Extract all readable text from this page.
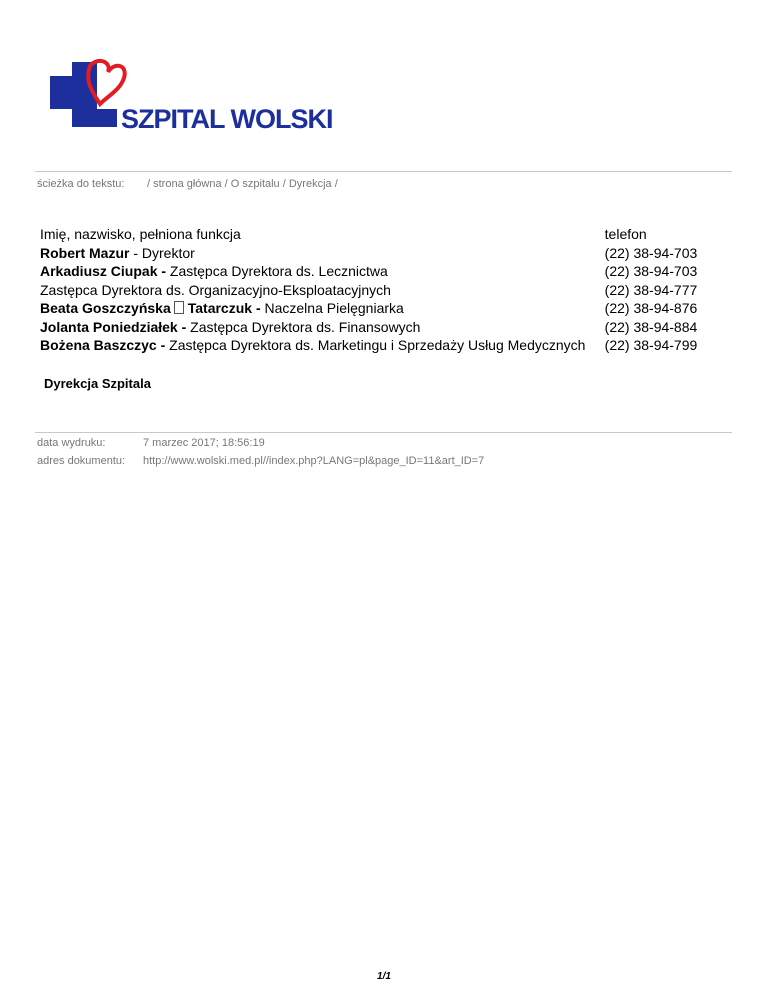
SZPITAL WOLSKI
ścieżka do tekstu: / strona główna / O szpitalu / Dyrekcja /
Imię, nazwisko, pełniona funkcja	telefon
Robert Mazur - Dyrektor	(22) 38-94-703
Arkadiusz Ciupak - Zastępca Dyrektora ds. Lecznictwa	(22) 38-94-703
Zastępca Dyrektora ds. Organizacyjno-Eksploatacyjnych	(22) 38-94-777
Beata Goszczyńska Tatarczuk - Naczelna Pielęgniarka	(22) 38-94-876
Jolanta Poniedziałek - Zastępca Dyrektora ds. Finansowych	(22) 38-94-884
Bożena Baszczyc - Zastępca Dyrektora ds. Marketingu i Sprzedaży Usług Medycznych	(22) 38-94-799
Dyrekcja Szpitala
data wydruku:	7 marzec 2017; 18:56:19
adres dokumentu: http://www.wolski.med.pl//index.php?LANG=pl&page_ID=11&art_ID=7
1/1
